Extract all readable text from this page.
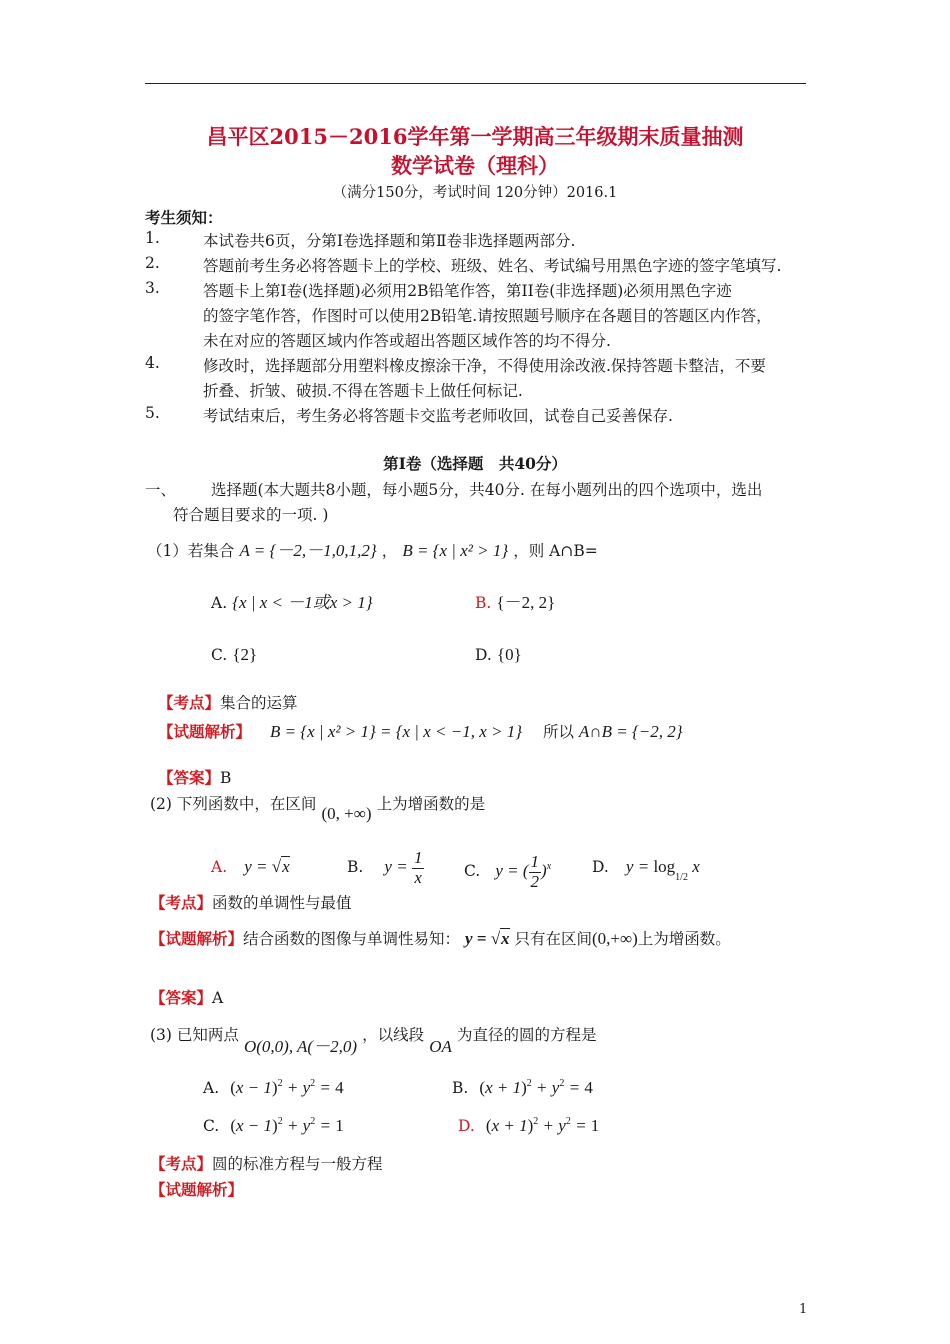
昌平区2015－2016学年第一学期高三年级期末质量抽测
数学试卷（理科）
（满分150分，考试时间 120分钟）2016.1
考生须知：
1.	本试卷共6页，分第Ⅰ卷选择题和第Ⅱ卷非选择题两部分.
2.	答题前考生务必将答题卡上的学校、班级、姓名、考试编号用黑色字迹的签字笔填写.
3.	答题卡上第I卷(选择题)必须用2B铅笔作答，第II卷(非选择题)必须用黑色字迹
的签字笔作答，作图时可以使用2B铅笔.请按照题号顺序在各题目的答题区内作答，
未在对应的答题区域内作答或超出答题区域作答的均不得分.
4.	修改时，选择题部分用塑料橡皮擦涂干净，不得使用涂改液.保持答题卡整洁，不要
折叠、折皱、破损.不得在答题卡上做任何标记.
5.	考试结束后，考生务必将答题卡交监考老师收回，试卷自己妥善保存.
第Ⅰ卷（选择题　共40分）
一、 选择题(本大题共8小题，每小题5分，共40分. 在每小题列出的四个选项中，选出
符合题目要求的一项. )
（1）若集合 A = {－2,－1,0,1,2} ， B = {x | x² > 1} ，则 A∩B=
A. {x | x < －1或x > 1}	B. {－2, 2}
C. {2}	D. {0}
【考点】集合的运算
【试题解析】 B = {x | x² > 1} = {x | x < −1, x > 1} 所以 A∩B = {−2, 2}
【答案】B
(2) 下列函数中，在区间 (0, +∞) 上为增函数的是
A. y = √x	B. $y = \frac{1}{x}$	C. y = ( $\frac{1}{2} )^x$	D. $y = \log_{1/2} x$
【考点】函数的单调性与最值
【试题解析】结合函数的图像与单调性易知： y = √x 只有在区间(0,+∞)上为增函数。
【答案】A
(3) 已知两点 O(0,0), A(－2,0) ，以线段 OA 为直径的圆的方程是
A. $(x - 1)^2 + y^2 = 4$	B. $(x + 1)^2 + y^2 = 4$
C. $(x - 1)^2 + y^2 = 1$	D. $(x + 1)^2 + y^2 = 1$
【考点】圆的标准方程与一般方程
【试题解析】
1
